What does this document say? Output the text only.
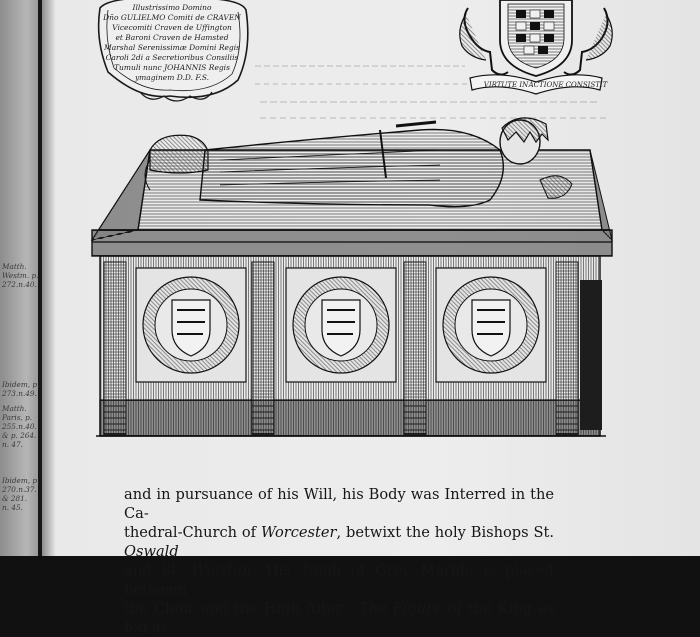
Matth.
Westm. p.
272.n.40.
Ibidem, p.
273.n.49.
Matth.
Paris, p.
255.n.40.
& p. 264.
n. 47.
Ibidem, p.
270.n.37.
& 281.
n. 45.
Illustrissimo Domino
Dño GULIELMO Comiti de CRAVEN
Vicecomiti Craven de Uffington
et Baroni Craven de Hamsted
Marshal Serenissimæ Domini Regis
Caroli 2di a Secretioribus Consiliis
Tumuli nunc JOHANNIS Regis
ymaginem D.D. F.S.
VIRTUTE IN ACTIONE CONSISTIT

and in pursuance of his Will, his Body was Interred in the Ca-

thedral-Church of Worcester, betwixt the holy Bishops St. Oswald

and St. Wulstan. His Tomb of Grey Marble is placed between

the Choir and the High Altar : The Figure of the King as big as
